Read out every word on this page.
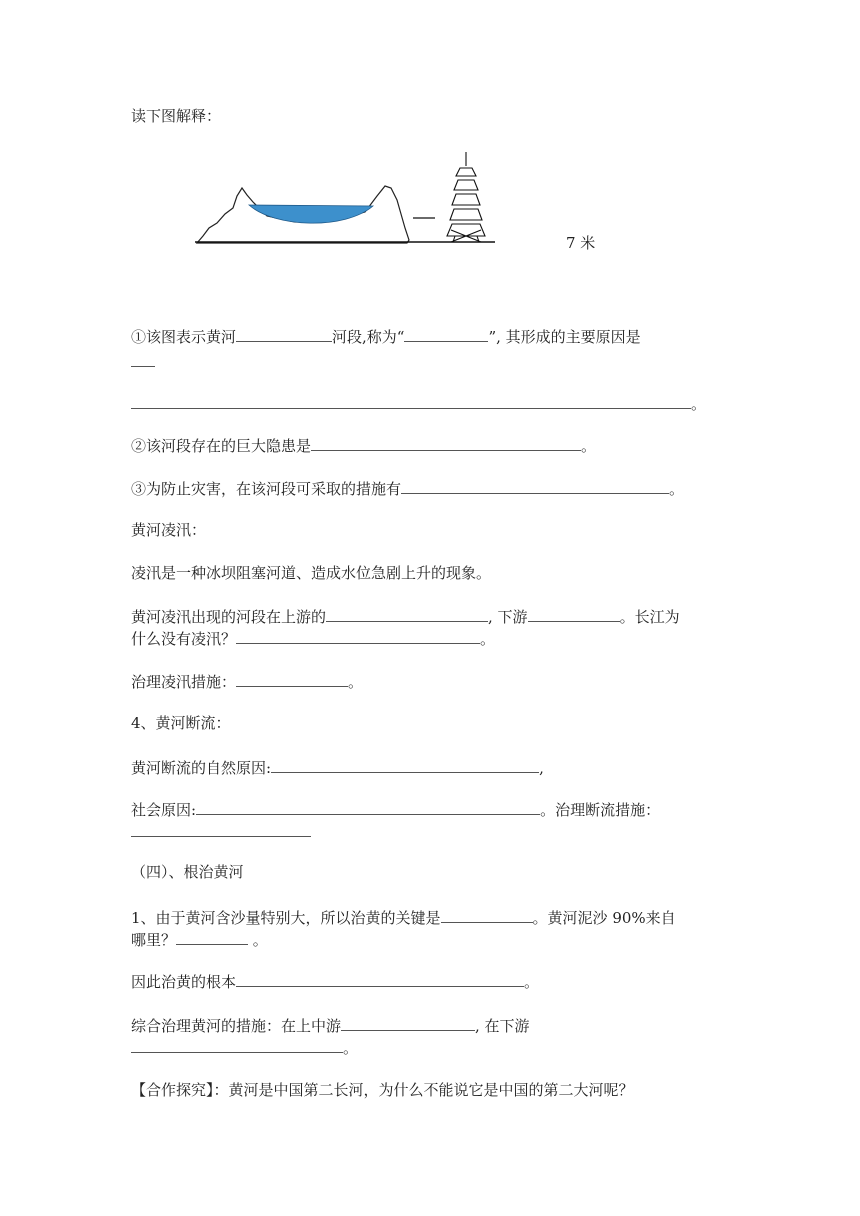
读下图解释：
7 米
①该图表示黄河	河段,称为“	”, 其形成的主要原因是
。
②该河段存在的巨大隐患是	。
③为防止灾害，在该河段可采取的措施有	。
黄河凌汛：
凌汛是一种冰坝阻塞河道、造成水位急剧上升的现象。
黄河凌汛出现的河段在上游的	, 下游	。长江为
什么没有凌汛？	。
治理凌汛措施：	。
4、黄河断流：
黄河断流的自然原因:	,
社会原因:	。治理断流措施：
（四）、根治黄河
1、由于黄河含沙量特别大，所以治黄的关键是	。黄河泥沙 90%来自
哪里？	。
因此治黄的根本	。
综合治理黄河的措施：在上中游	, 在下游
。
【合作探究】：黄河是中国第二长河，为什么不能说它是中国的第二大河呢？
